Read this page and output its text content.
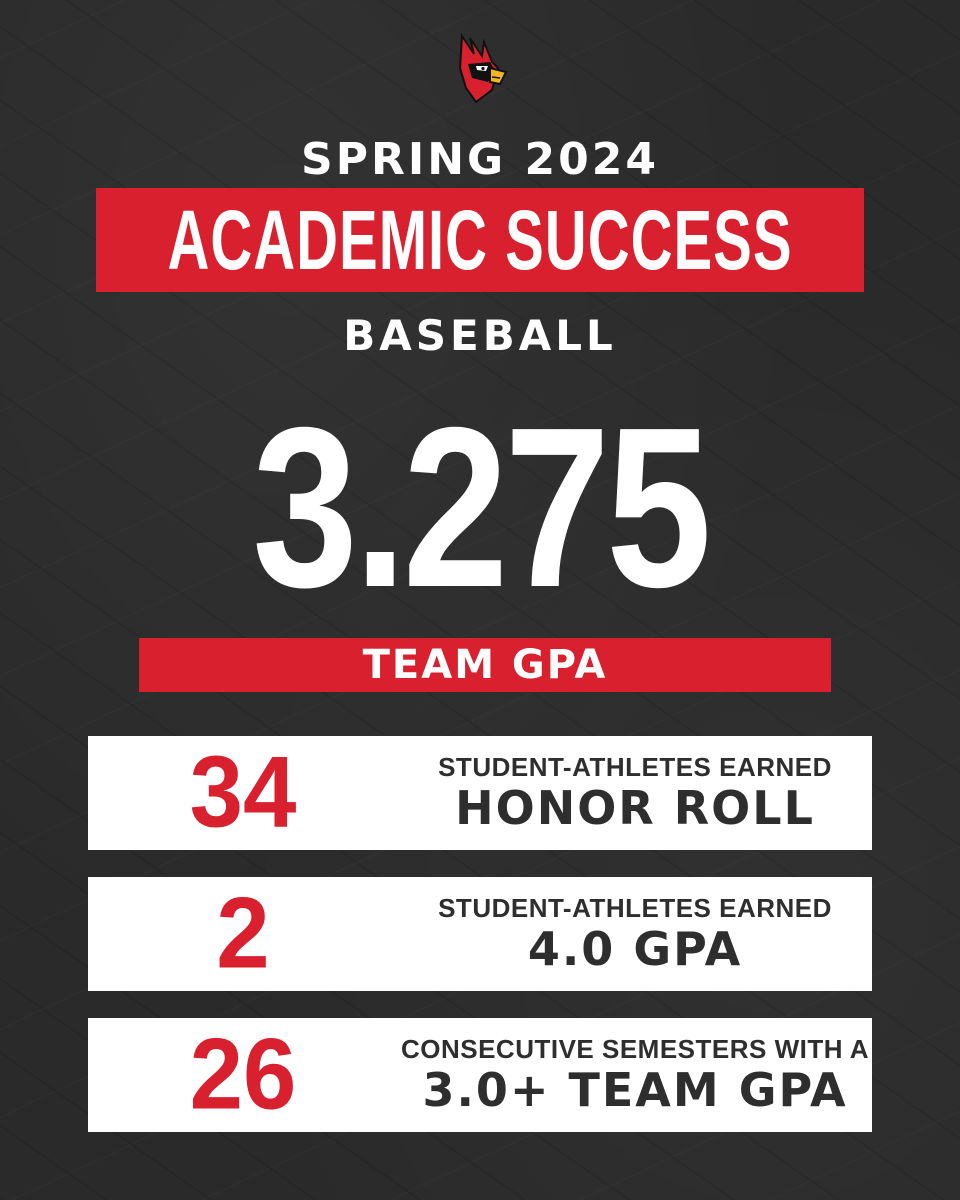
SPRING 2024
ACADEMIC SUCCESS
BASEBALL
3.275
TEAM GPA
34	STUDENT-ATHLETES EARNED
HONOR ROLL
2	STUDENT-ATHLETES EARNED
4.0 GPA
26	CONSECUTIVE SEMESTERS WITH A
3.0+ TEAM GPA
